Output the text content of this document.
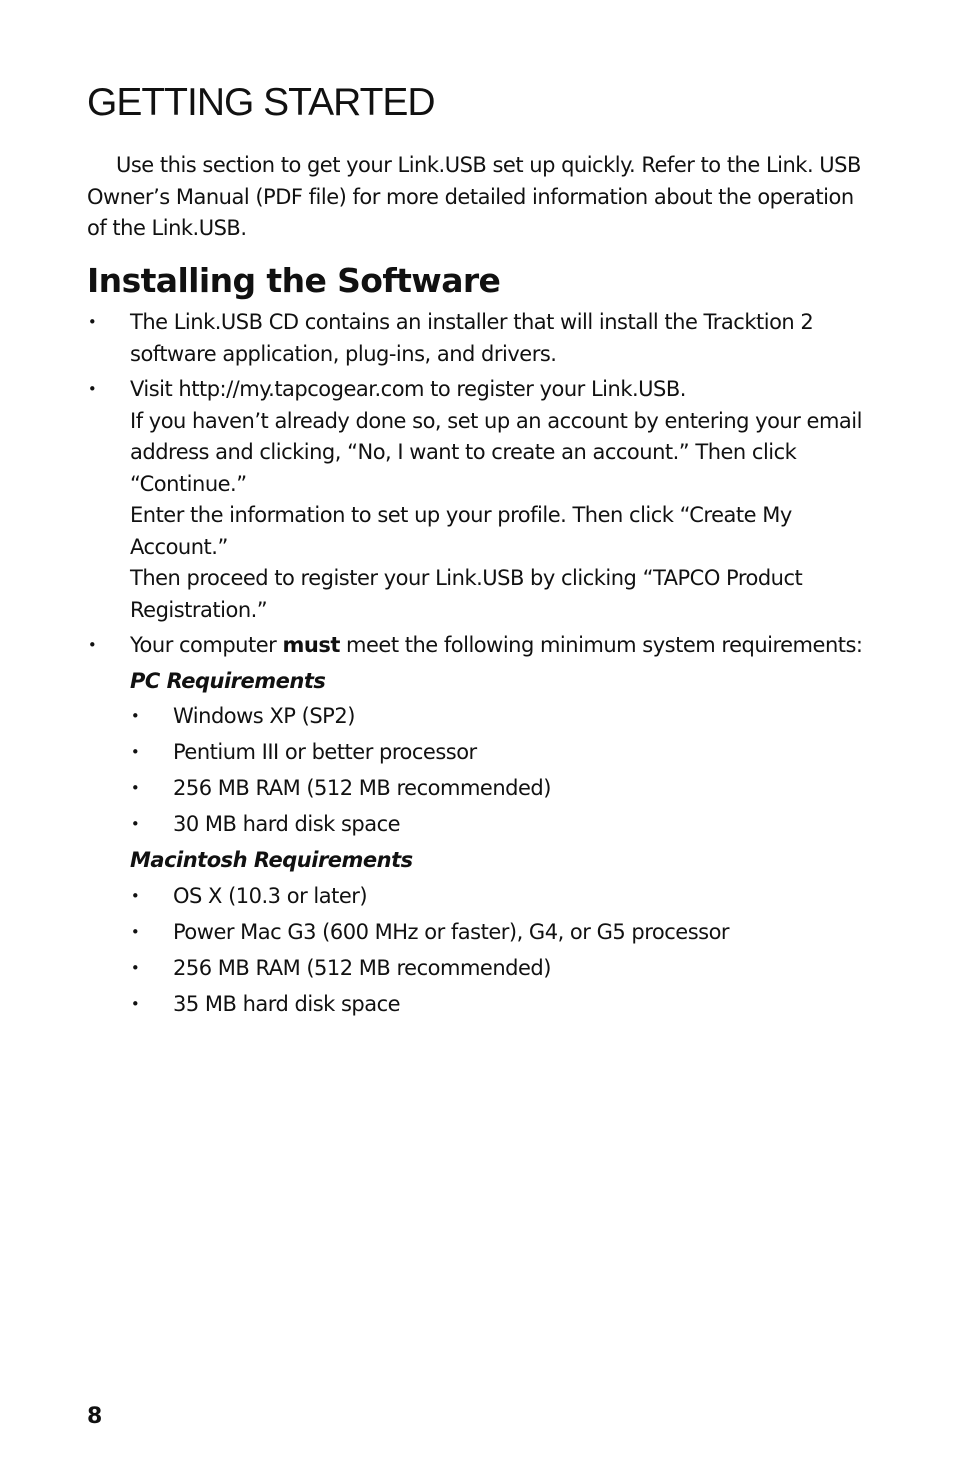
GETTING STARTED

Use this section to get your Link.USB set up quickly. Refer to the Link. USB Owner’s Manual (PDF file) for more detailed information about the operation of the Link.USB.

Installing the Software
• The Link.USB CD contains an installer that will install the Tracktion 2 software application, plug-ins, and drivers.
• Visit http://my.tapcogear.com to register your Link.USB.
If you haven’t already done so, set up an account by entering your email address and clicking, “No, I want to create an account.” Then click “Continue.”
Enter the information to set up your profile. Then click “Create My Account.”
Then proceed to register your Link.USB by clicking “TAPCO Product Registration.”
• Your computer must meet the following minimum system requirements:
PC Requirements
• Windows XP (SP2)
• Pentium III or better processor
• 256 MB RAM (512 MB recommended)
• 30 MB hard disk space
Macintosh Requirements
• OS X (10.3 or later)
• Power Mac G3 (600 MHz or faster), G4, or G5 processor
• 256 MB RAM (512 MB recommended)
• 35 MB hard disk space
8
